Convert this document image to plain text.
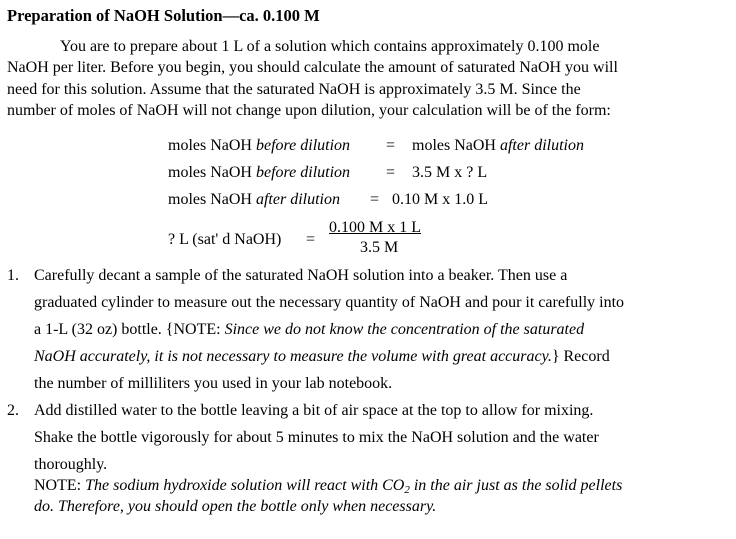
Preparation of NaOH Solution—ca. 0.100 M
You are to prepare about 1 L of a solution which contains approximately 0.100 mole
NaOH per liter. Before you begin, you should calculate the amount of saturated NaOH you will
need for this solution. Assume that the saturated NaOH is approximately 3.5 M. Since the
number of moles of NaOH will not change upon dilution, your calculation will be of the form:
moles NaOH before dilution = moles NaOH after dilution
moles NaOH before dilution = 3.5 M x ? L
moles NaOH after dilution = 0.10 M x 1.0 L
? L (sat' d NaOH) =
0.100 M x 1 L
3.5 M
1. Carefully decant a sample of the saturated NaOH solution into a beaker. Then use a
graduated cylinder to measure out the necessary quantity of NaOH and pour it carefully into
a 1-L (32 oz) bottle. {NOTE: Since we do not know the concentration of the saturated
NaOH accurately, it is not necessary to measure the volume with great accuracy.} Record
the number of milliliters you used in your lab notebook.
2. Add distilled water to the bottle leaving a bit of air space at the top to allow for mixing.
Shake the bottle vigorously for about 5 minutes to mix the NaOH solution and the water
thoroughly.
NOTE: The sodium hydroxide solution will react with $CO_2$ in the air just as the solid pellets
do. Therefore, you should open the bottle only when necessary.
